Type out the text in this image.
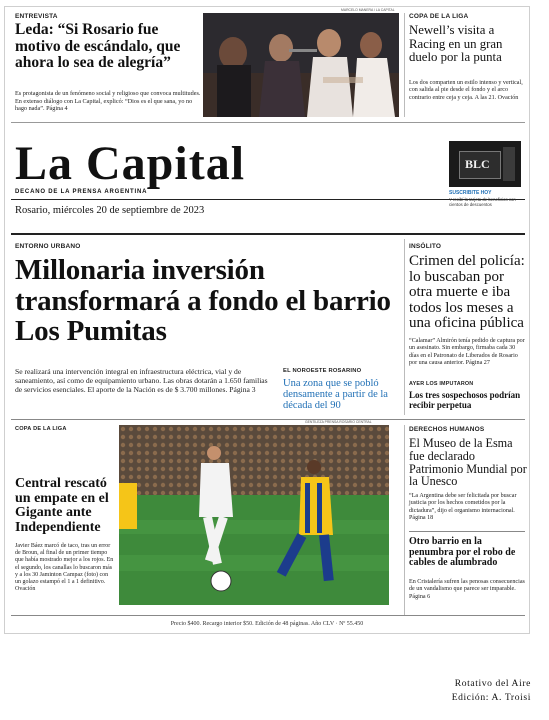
ENTREVISTA
Leda: “Si Rosario fue motivo de escándalo, que ahora lo sea de alegría”
Es protagonista de un fenómeno social y religioso que convoca multitudes. En extenso diálogo con La Capital, explicó: “Dios es el que sana, yo no hago nada”. Página 4
MARCELO MANERA / LA CAPITAL
COPA DE LA LIGA
Newell’s visita a Racing en un gran duelo por la punta
Los dos comparten un estilo intenso y vertical, con salida al pie desde el fondo y el arco contrario entre ceja y ceja. A las 21. Ovación
La Capital
DECANO DE LA PRENSA ARGENTINA
Rosario, miércoles 20 de septiembre de 2023
BLC
SUSCRIBITE HOY
Y recibí la tarjeta de beneficios con cientos de descuentos
ENTORNO URBANO
Millonaria inversión transformará a fondo el barrio Los Pumitas
Se realizará una intervención integral en infraestructura eléctrica, vial y de saneamiento, así como de equipamiento urbano. Las obras dotarán a 1.650 familias de servicios esenciales. El aporte de la Nación es de $ 3.700 millones. Página 3
EL NOROESTE ROSARINO
Una zona que se pobló densamente a partir de la década del 90
INSÓLITO
Crimen del policía: lo buscaban por otra muerte e iba todos los meses a una oficina pública
“Calamar” Almirón tenía pedido de captura por un asesinato. Sin embargo, firmaba cada 30 días en el Patronato de Liberados de Rosario por una causa anterior. Página 27
AYER LOS IMPUTARON
Los tres sospechosos podrían recibir perpetua
COPA DE LA LIGA
Central rescató un empate en el Gigante ante Independiente
Javier Báez marcó de taco, tras un error de Broun, al final de un primer tiempo que había mostrado mejor a los rojos. En el segundo, los canallas lo buscaron más y a los 30 Jaminton Campaz (foto) con un golazo estampó el 1 a 1 definitivo. Ovación
GENTILEZA PRENSA ROSARIO CENTRAL
DERECHOS HUMANOS
El Museo de la Esma fue declarado Patrimonio Mundial por la Unesco
“La Argentina debe ser felicitada por buscar justicia por los hechos cometidos por la dictadura”, dijo el organismo internacional. Página 18
Otro barrio en la penumbra por el robo de cables de alumbrado
En Cristalería sufren las penosas consecuencias de un vandalismo que parece ser imparable. Página 6
Precio $400. Recargo interior $50. Edición de 48 páginas. Año CLV · Nº 55.450
Rotativo del Aire
Edición: A. Troisi
